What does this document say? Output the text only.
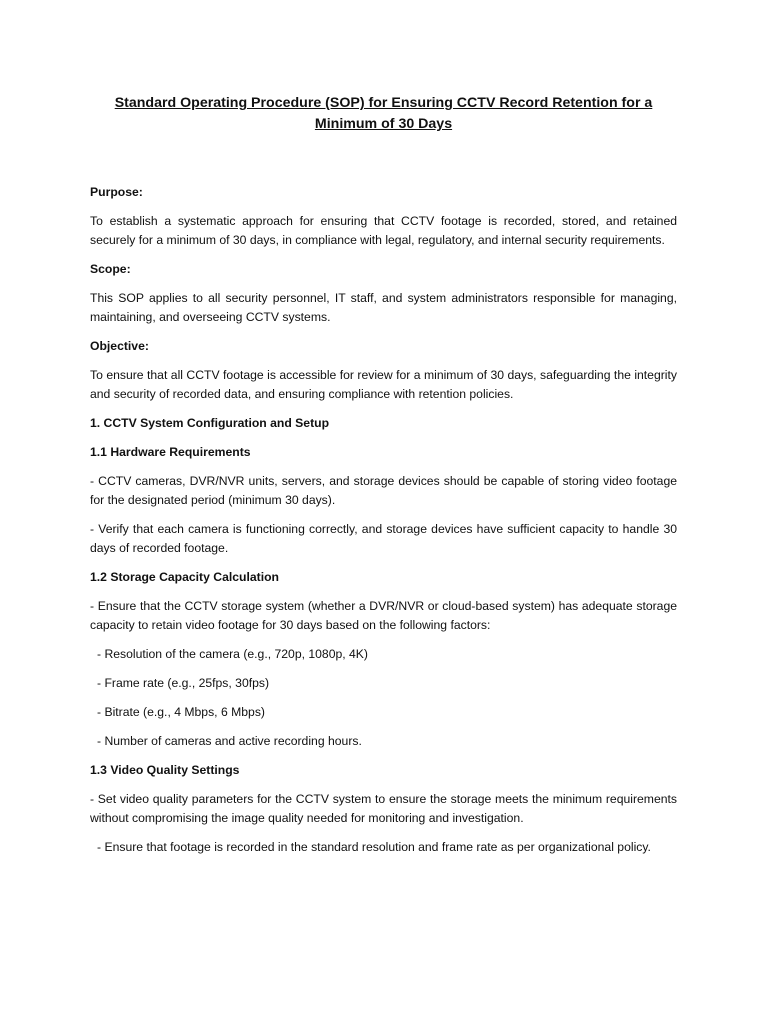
Standard Operating Procedure (SOP) for Ensuring CCTV Record Retention for a Minimum of 30 Days
Purpose:

To establish a systematic approach for ensuring that CCTV footage is recorded, stored, and retained securely for a minimum of 30 days, in compliance with legal, regulatory, and internal security requirements.

Scope:

This SOP applies to all security personnel, IT staff, and system administrators responsible for managing, maintaining, and overseeing CCTV systems.

Objective:

To ensure that all CCTV footage is accessible for review for a minimum of 30 days, safeguarding the integrity and security of recorded data, and ensuring compliance with retention policies.

1. CCTV System Configuration and Setup
1.1 Hardware Requirements

- CCTV cameras, DVR/NVR units, servers, and storage devices should be capable of storing video footage for the designated period (minimum 30 days).

- Verify that each camera is functioning correctly, and storage devices have sufficient capacity to handle 30 days of recorded footage.

1.2 Storage Capacity Calculation

- Ensure that the CCTV storage system (whether a DVR/NVR or cloud-based system) has adequate storage capacity to retain video footage for 30 days based on the following factors:

- Resolution of the camera (e.g., 720p, 1080p, 4K)

- Frame rate (e.g., 25fps, 30fps)

- Bitrate (e.g., 4 Mbps, 6 Mbps)

- Number of cameras and active recording hours.

1.3 Video Quality Settings

- Set video quality parameters for the CCTV system to ensure the storage meets the minimum requirements without compromising the image quality needed for monitoring and investigation.

- Ensure that footage is recorded in the standard resolution and frame rate as per organizational policy.
